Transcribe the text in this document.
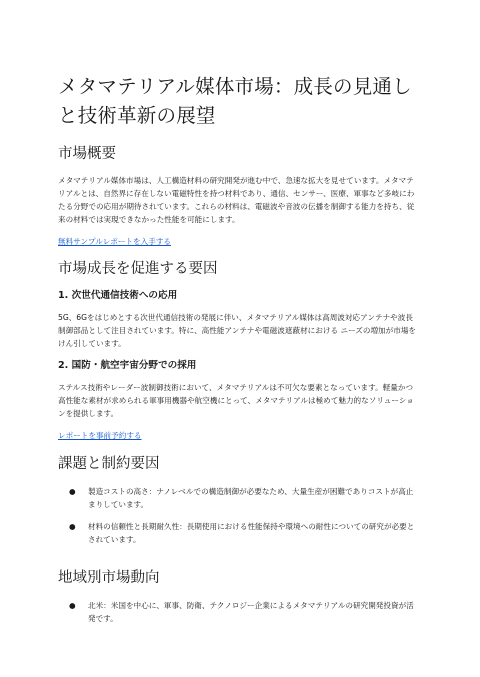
メタマテリアル媒体市場：成長の見通しと技術革新の展望
市場概要

メタマテリアル媒体市場は、人工構造材料の研究開発が進む中で、急速な拡大を見せています。メタマテリアルとは、自然界に存在しない電磁特性を持つ材料であり、通信、センサー、医療、軍事など多岐にわたる分野での応用が期待されています。これらの材料は、電磁波や音波の伝播を制御する能力を持ち、従来の材料では実現できなかった性能を可能にします。

無料サンプルレポートを入手する
市場成長を促進する要因
1. 次世代通信技術への応用

5G、6Gをはじめとする次世代通信技術の発展に伴い、メタマテリアル媒体は高周波対応アンテナや波長制御部品として注目されています。特に、高性能アンテナや電磁波遮蔽材における ニーズの増加が市場をけん引しています。

2. 国防・航空宇宙分野での採用

ステルス技術やレーダー波制御技術において、メタマテリアルは不可欠な要素となっています。軽量かつ高性能な素材が求められる軍事用機器や航空機にとって、メタマテリアルは極めて魅力的なソリューションを提供します。

レポートを事前予約する
課題と制約要因
● 製造コストの高さ：ナノレベルでの構造制御が必要なため、大量生産が困難でありコストが高止まりしています。
● 材料の信頼性と長期耐久性：長期使用における性能保持や環境への耐性についての研究が必要とされています。
地域別市場動向
● 北米：米国を中心に、軍事、防衛、テクノロジー企業によるメタマテリアルの研究開発投資が活発です。
